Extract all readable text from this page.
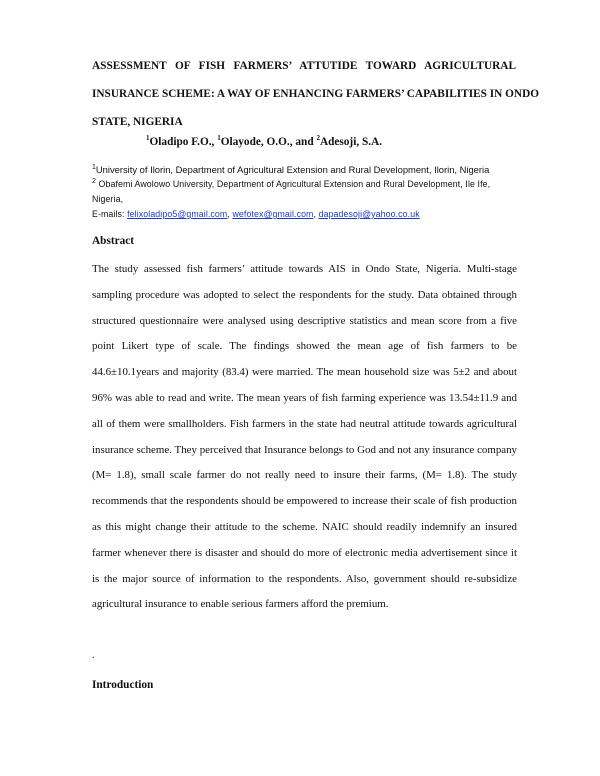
ASSESSMENT OF FISH FARMERS’ ATTUTIDE TOWARD AGRICULTURAL
INSURANCE SCHEME: A WAY OF ENHANCING FARMERS’ CAPABILITIES IN ONDO
STATE, NIGERIA
$^1$Oladipo F.O., $^1$Olayode, O.O., and $^2$Adesoji, S.A.
$^1$University of Ilorin, Department of Agricultural Extension and Rural Development, Ilorin, Nigeria
$^2$ Obafemi Awolowo University, Department of Agricultural Extension and Rural Development, Ile Ife,
Nigeria,
E-mails: felixoladipo5@gmail.com, wefotex@gmail.com, dapadesoji@yahoo.co.uk
Abstract
The study assessed fish farmers’ attitude towards AIS in Ondo State, Nigeria. Multi-stage sampling procedure was adopted to select the respondents for the study. Data obtained through structured questionnaire were analysed using descriptive statistics and mean score from a five point Likert type of scale. The findings showed the mean age of fish farmers to be 44.6±10.1years and majority (83.4) were married. The mean household size was 5±2 and about 96% was able to read and write. The mean years of fish farming experience was 13.54±11.9 and all of them were smallholders. Fish farmers in the state had neutral attitude towards agricultural insurance scheme. They perceived that Insurance belongs to God and not any insurance company (M= 1.8), small scale farmer do not really need to insure their farms, (M= 1.8). The study recommends that the respondents should be empowered to increase their scale of fish production as this might change their attitude to the scheme. NAIC should readily indemnify an insured farmer whenever there is disaster and should do more of electronic media advertisement since it is the major source of information to the respondents. Also, government should re-subsidize agricultural insurance to enable serious farmers afford the premium.
.
Introduction
